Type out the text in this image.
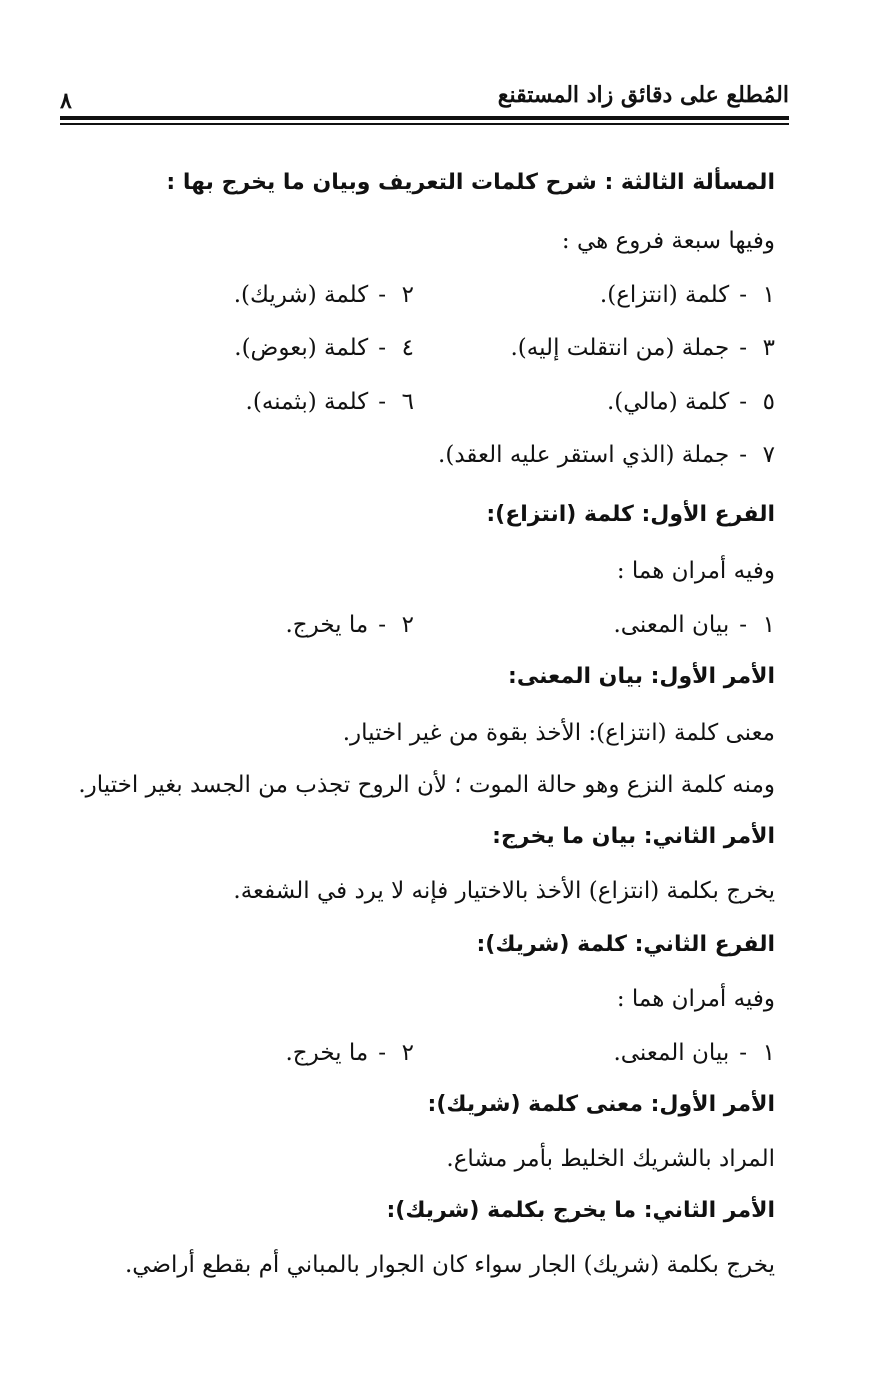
المُطلع على دقائق زاد المستقنع
٨
المسألة الثالثة : شرح كلمات التعريف وبيان ما يخرج بها :
وفيها سبعة فروع هي :
١-كلمة (انتزاع).
٢-كلمة (شريك).
٣-جملة (من انتقلت إليه).
٤-كلمة (بعوض).
٥-كلمة (مالي).
٦-كلمة (بثمنه).
٧-جملة (الذي استقر عليه العقد).
الفرع الأول: كلمة (انتزاع):
وفيه أمران هما :
١-بيان المعنى.
٢-ما يخرج.
الأمر الأول: بيان المعنى:
معنى كلمة (انتزاع): الأخذ بقوة من غير اختيار.
ومنه كلمة النزع وهو حالة الموت ؛ لأن الروح تجذب من الجسد بغير اختيار.
الأمر الثاني: بيان ما يخرج:
يخرج بكلمة (انتزاع) الأخذ بالاختيار فإنه لا يرد في الشفعة.
الفرع الثاني: كلمة (شريك):
وفيه أمران هما :
١-بيان المعنى.
٢-ما يخرج.
الأمر الأول: معنى كلمة (شريك):
المراد بالشريك الخليط بأمر مشاع.
الأمر الثاني: ما يخرج بكلمة (شريك):
يخرج بكلمة (شريك) الجار سواء كان الجوار بالمباني أم بقطع أراضي.
